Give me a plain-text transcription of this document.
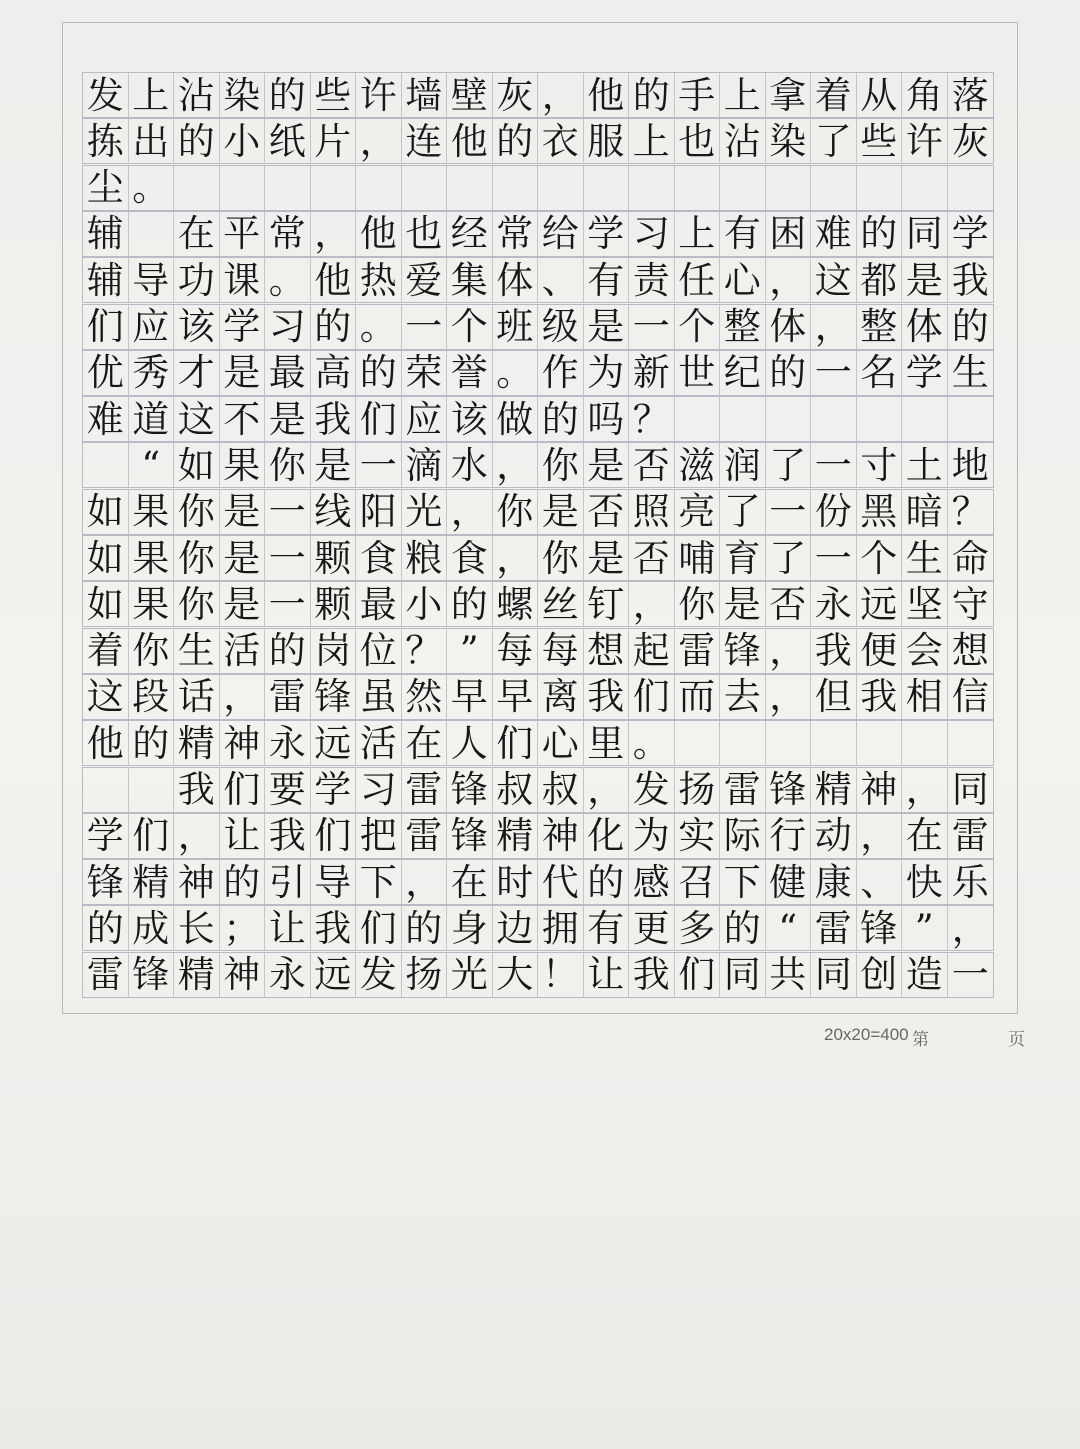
发 上 沾 染 的 些 许 墙 壁 灰 ， 他 的 手 上 拿 着 从 角 落
拣 出 的 小 纸 片 ， 连 他 的 衣 服 上 也 沾 染 了 些 许 灰
尘 。
辅
　 在 平 常 ， 他 也 经 常 给 学 习 上 有 困 难 的 同 学
辅 导 功 课 。 他 热 爱 集 体 、 有 责 任 心 ， 这 都 是 我
们 应 该 学 习 的 。 一 个 班 级 是 一 个 整 体 ， 整 体 的
优 秀 才 是 最 高 的 荣 誉 。 作 为 新 世 纪 的 一 名 学 生
难 道 这 不 是 我 们 应 该 做 的 吗 ？

“ 如 果 你 是 一 滴 水 ， 你 是 否 滋 润 了 一 寸 土 地
如 果 你 是 一 线 阳 光 ， 你 是 否 照 亮 了 一 份 黑 暗 ？
如 果 你 是 一 颗 食 粮 食 ， 你 是 否 哺 育 了 一 个 生 命
如 果 你 是 一 颗 最 小 的 螺 丝 钉 ， 你 是 否 永 远 坚 守
着 你 生 活 的 岗 位 ？ ” 每 每 想 起 雷 锋 ， 我 便 会 想
这 段 话 ， 雷 锋 虽 然 早 早 离 我 们 而 去 ， 但 我 相 信
他 的 精 神 永 远 活 在 人 们 心 里 。

我 们 要 学 习 雷 锋 叔 叔 ， 发 扬 雷 锋 精 神 ， 同
学 们 ， 让 我 们 把 雷 锋 精 神 化 为 实 际 行 动 ， 在 雷
锋 精 神 的 引 导 下 ， 在 时 代 的 感 召 下 健 康 、 快 乐
的 成 长 ； 让 我 们 的 身 边 拥 有 更 多 的 “ 雷 锋 ” ，
雷 锋 精 神 永 远 发 扬 光 大 ！ 让 我 们 同 共 同 创 造 一
20x20=400 第	页
